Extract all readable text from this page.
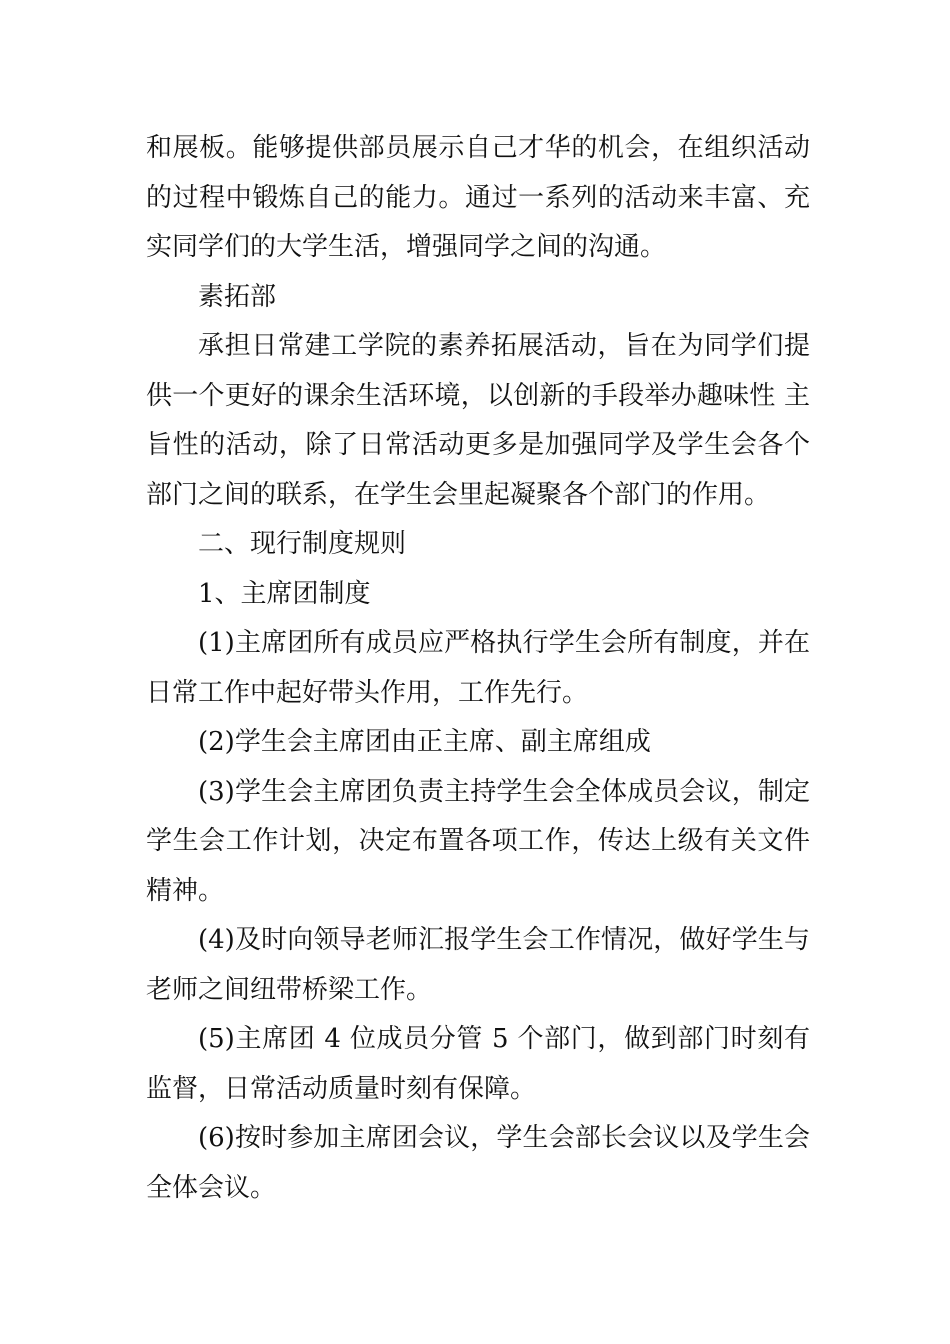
和展板。能够提供部员展示自己才华的机会，在组织活动的过程中锻炼自己的能力。通过一系列的活动来丰富、充实同学们的大学生活，增强同学之间的沟通。

素拓部

承担日常建工学院的素养拓展活动，旨在为同学们提供一个更好的课余生活环境，以创新的手段举办趣味性 主旨性的活动，除了日常活动更多是加强同学及学生会各个部门之间的联系，在学生会里起凝聚各个部门的作用。

二、现行制度规则

1、主席团制度

(1)主席团所有成员应严格执行学生会所有制度，并在日常工作中起好带头作用，工作先行。

(2)学生会主席团由正主席、副主席组成

(3)学生会主席团负责主持学生会全体成员会议，制定学生会工作计划，决定布置各项工作，传达上级有关文件精神。

(4)及时向领导老师汇报学生会工作情况，做好学生与老师之间纽带桥梁工作。

(5)主席团 4 位成员分管 5 个部门，做到部门时刻有监督，日常活动质量时刻有保障。

(6)按时参加主席团会议，学生会部长会议以及学生会全体会议。
